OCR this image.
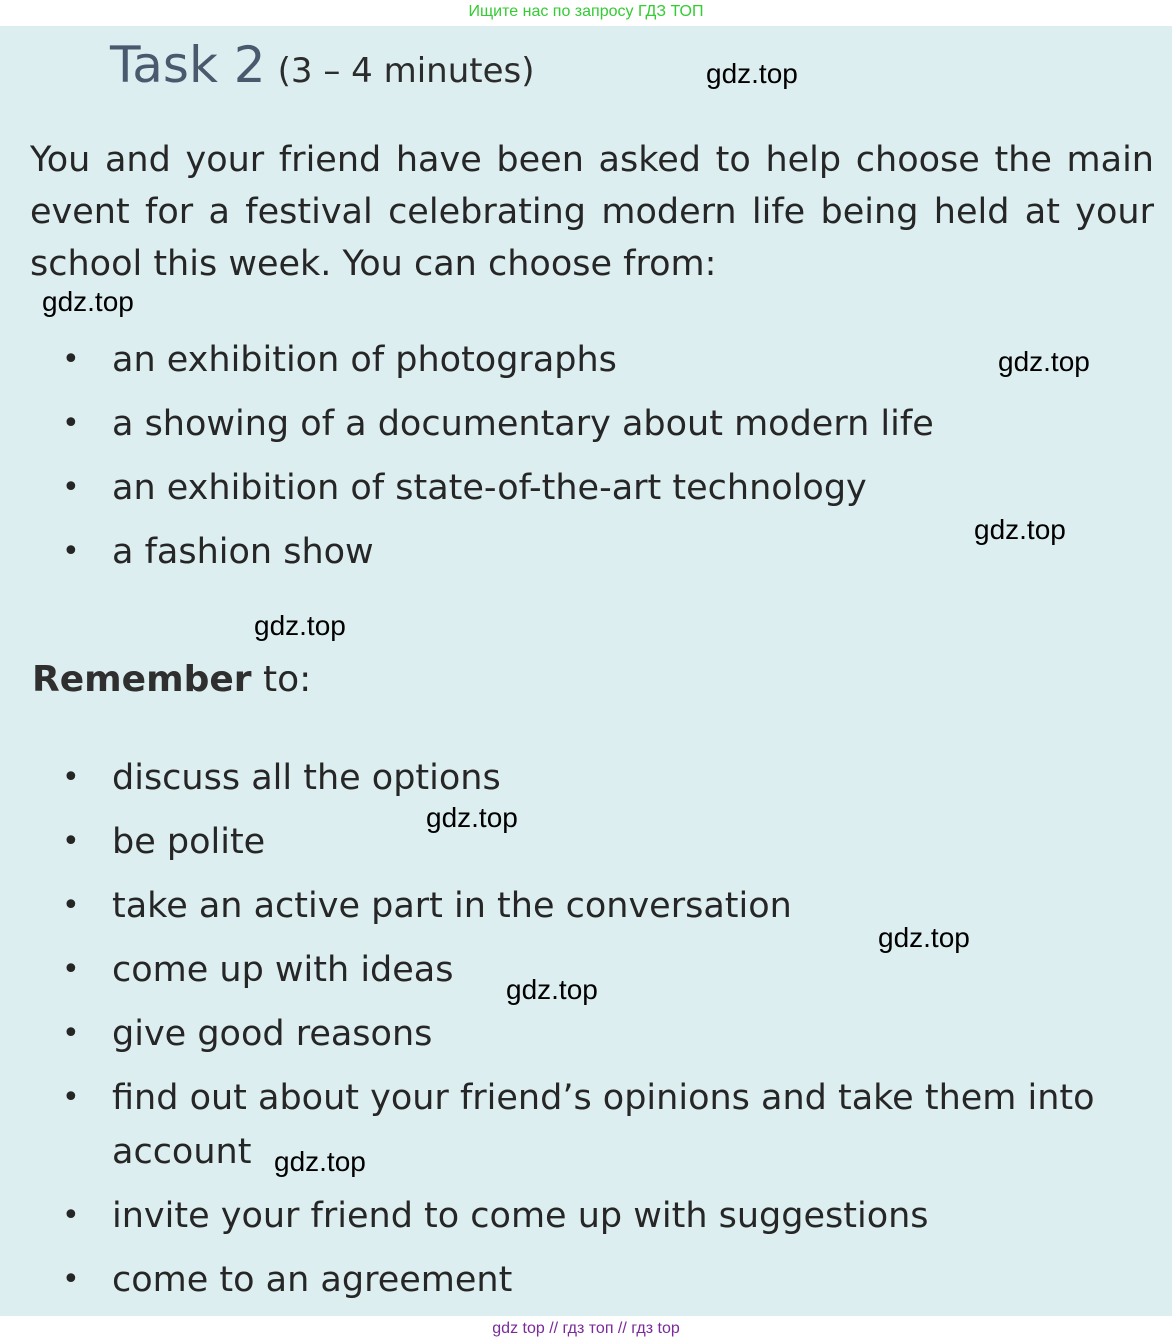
Ищите нас по запросу ГДЗ ТОП
Task 2 (3 – 4 minutes)

You and your friend have been asked to help choose the main event for a festival celebrating modern life being held at your school this week. You can choose from:

• an exhibition of photographs
• a showing of a documentary about modern life
• an exhibition of state-of-the-art technology
• a fashion show
Remember to:
• discuss all the options
• be polite
• take an active part in the conversation
• come up with ideas
• give good reasons
• find out about your friend’s opinions and take them into
account
• invite your friend to come up with suggestions
• come to an agreement
gdz.top
gdz.top
gdz.top
gdz.top
gdz.top
gdz.top
gdz.top
gdz.top
gdz.top
gdz top // гдз топ // гдз top
